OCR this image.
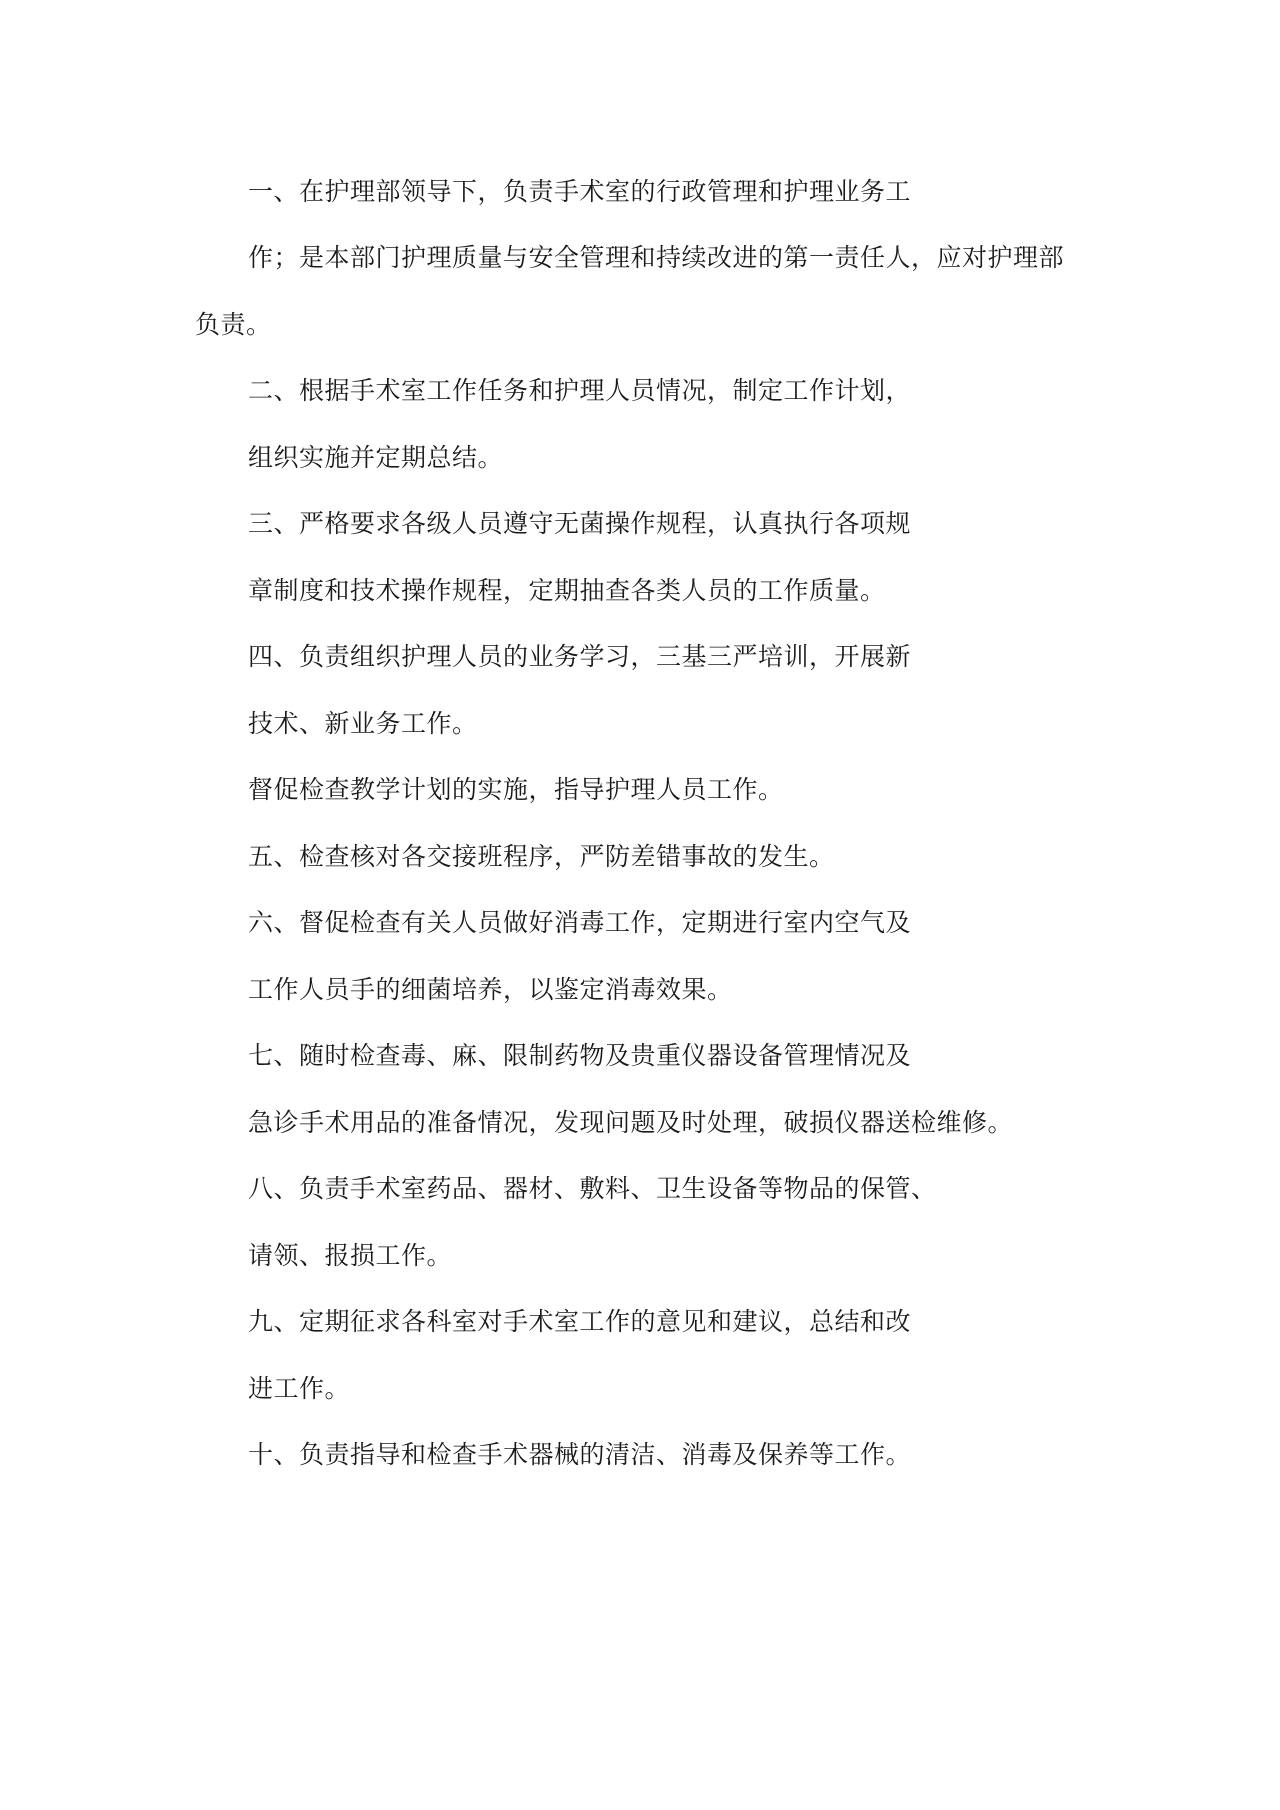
一、在护理部领导下，负责手术室的行政管理和护理业务工
作；是本部门护理质量与安全管理和持续改进的第一责任人，应对护理部
负责。
二、根据手术室工作任务和护理人员情况，制定工作计划，
组织实施并定期总结。
三、严格要求各级人员遵守无菌操作规程，认真执行各项规
章制度和技术操作规程，定期抽查各类人员的工作质量。
四、负责组织护理人员的业务学习，三基三严培训，开展新
技术、新业务工作。
督促检查教学计划的实施，指导护理人员工作。
五、检查核对各交接班程序，严防差错事故的发生。
六、督促检查有关人员做好消毒工作，定期进行室内空气及
工作人员手的细菌培养，以鉴定消毒效果。
七、随时检查毒、麻、限制药物及贵重仪器设备管理情况及
急诊手术用品的准备情况，发现问题及时处理，破损仪器送检维修。
八、负责手术室药品、器材、敷料、卫生设备等物品的保管、
请领、报损工作。
九、定期征求各科室对手术室工作的意见和建议，总结和改
进工作。
十、负责指导和检查手术器械的清洁、消毒及保养等工作。
